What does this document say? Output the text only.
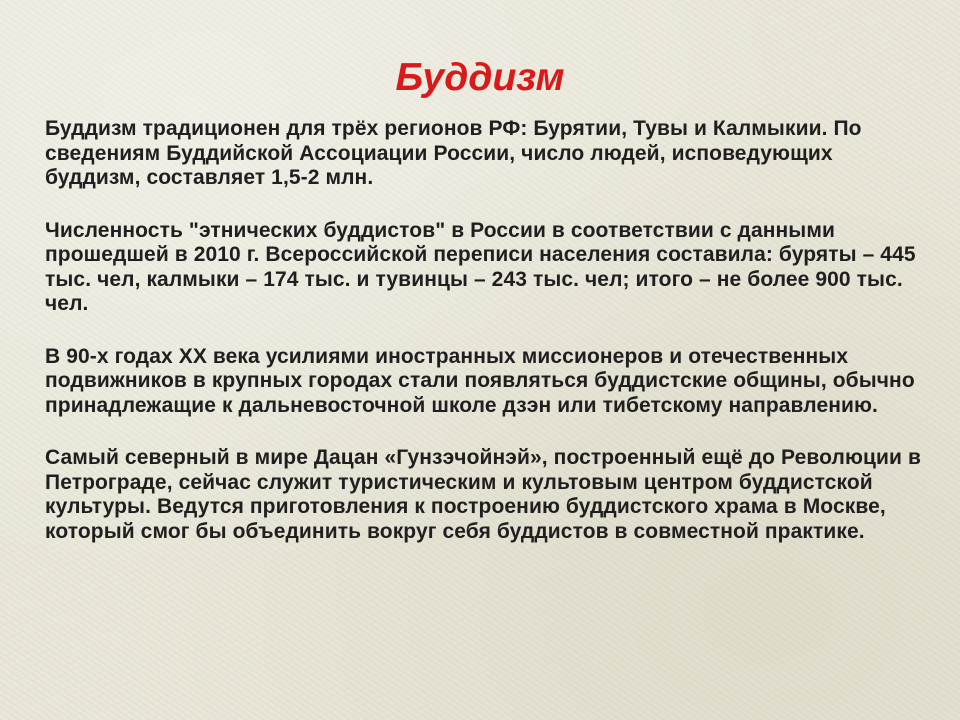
Буддизм

Буддизм традиционен для трёх регионов РФ: Бурятии, Тувы и Калмыкии. По сведениям Буддийской Ассоциации России, число людей, исповедующих буддизм, составляет 1,5-2 млн.

Численность "этнических буддистов" в России в соответствии с данными прошедшей в 2010 г. Всероссийской переписи населения составила: буряты – 445 тыс. чел, калмыки – 174 тыс. и тувинцы – 243 тыс. чел; итого – не более 900 тыс. чел.

В 90-х годах XX века усилиями иностранных миссионеров и отечественных подвижников в крупных городах стали появляться буддистские общины, обычно принадлежащие к дальневосточной школе дзэн или тибетскому направлению.

Самый северный в мире Дацан «Гунзэчойнэй», построенный ещё до Революции в Петрограде, сейчас служит туристическим и культовым центром буддистской культуры. Ведутся приготовления к построению буддистского храма в Москве, который смог бы объединить вокруг себя буддистов в совместной практике.
